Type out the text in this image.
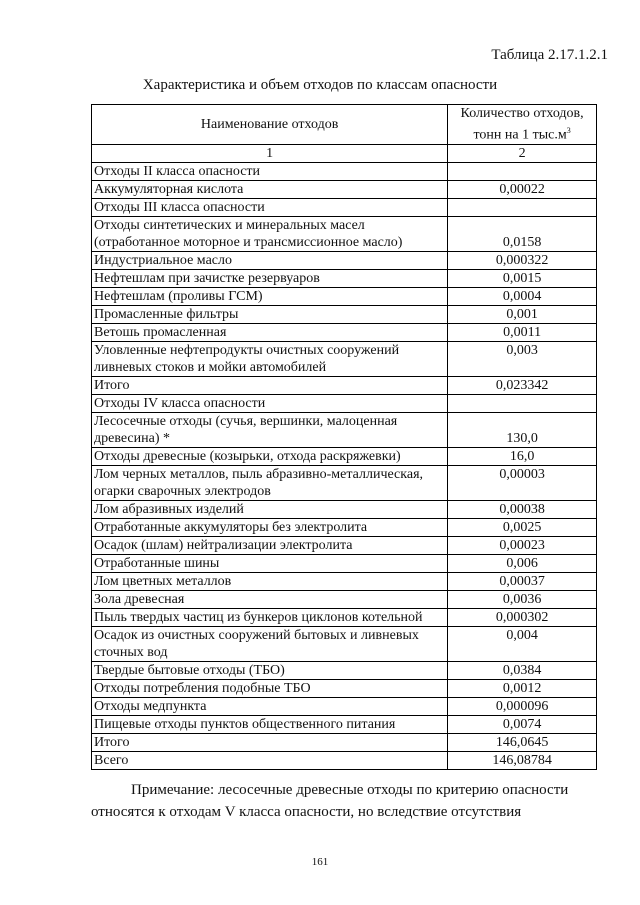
Таблица 2.17.1.2.1
Характеристика и объем отходов по классам опасности
Наименование отходов	Количество отходов, тонн на 1 $тыс.м^3$
1	2
Отходы II класса опасности	
Аккумуляторная кислота	0,00022
Отходы III класса опасности	
Отходы синтетических и минеральных масел (отработанное моторное и трансмиссионное масло)	0,0158
Индустриальное масло	0,000322
Нефтешлам при зачистке резервуаров	0,0015
Нефтешлам (проливы ГСМ)	0,0004
Промасленные фильтры	0,001
Ветошь промасленная	0,0011
Уловленные нефтепродукты очистных сооружений ливневых стоков и мойки автомобилей	0,003
Итого	0,023342
Отходы IV класса опасности	
Лесосечные отходы (сучья, вершинки, малоценная древесина) *	130,0
Отходы древесные (козырьки, отхода раскряжевки)	16,0
Лом черных металлов, пыль абразивно-металлическая, огарки сварочных электродов	0,00003
Лом абразивных изделий	0,00038
Отработанные аккумуляторы без электролита	0,0025
Осадок (шлам) нейтрализации электролита	0,00023
Отработанные шины	0,006
Лом цветных металлов	0,00037
Зола древесная	0,0036
Пыль твердых частиц из бункеров циклонов котельной	0,000302
Осадок из очистных сооружений бытовых и ливневых сточных вод	0,004
Твердые бытовые отходы (ТБО)	0,0384
Отходы потребления подобные ТБО	0,0012
Отходы медпункта	0,000096
Пищевые отходы пунктов общественного питания	0,0074
Итого	146,0645
Всего	146,08784
Примечание: лесосечные древесные отходы по критерию опасности относятся к отходам V класса опасности, но вследствие отсутствия
161
